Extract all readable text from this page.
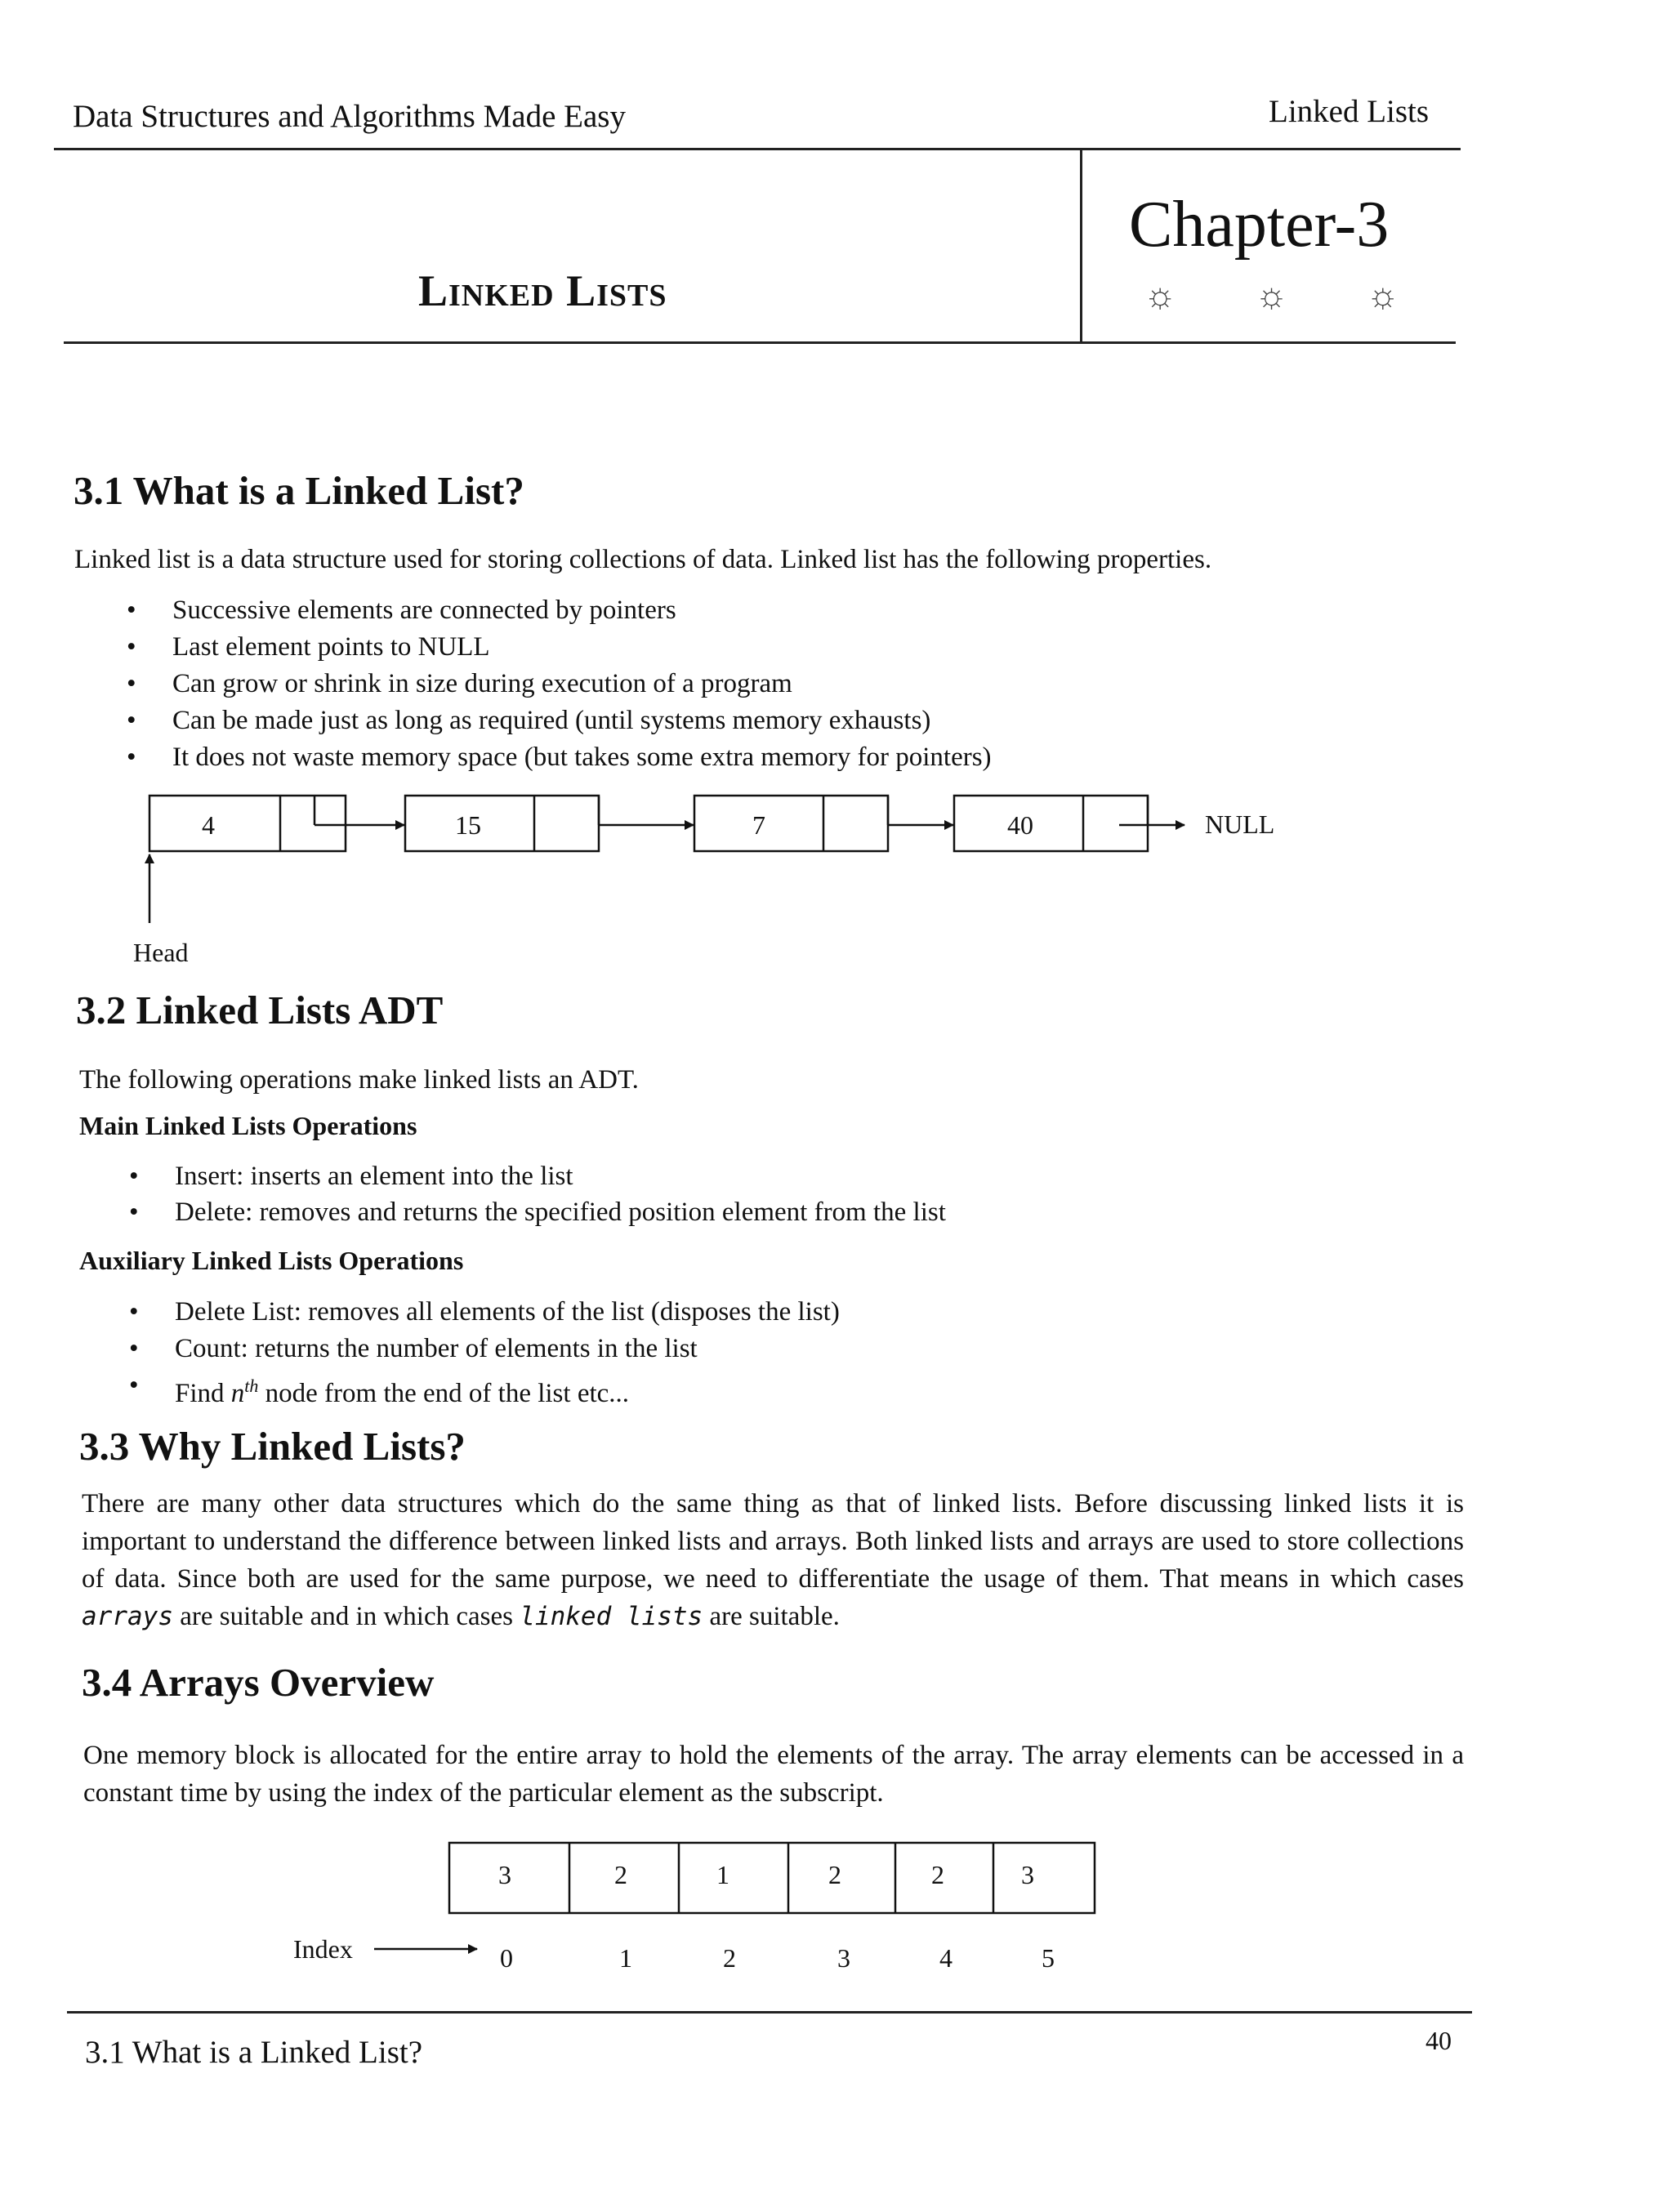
Data Structures and Algorithms Made Easy	Linked Lists
Linked Lists
Chapter-3
☼ ☼ ☼
3.1 What is a Linked List?
Linked list is a data structure used for storing collections of data. Linked list has the following properties.
• Successive elements are connected by pointers
• Last element points to NULL
• Can grow or shrink in size during execution of a program
• Can be made just as long as required (until systems memory exhausts)
• It does not waste memory space (but takes some extra memory for pointers)
4	15	7	40	NULL
Head
3.2 Linked Lists ADT
The following operations make linked lists an ADT.
Main Linked Lists Operations
• Insert: inserts an element into the list
• Delete: removes and returns the specified position element from the list
Auxiliary Linked Lists Operations
• Delete List: removes all elements of the list (disposes the list)
• Count: returns the number of elements in the list
• Find $n^{th}$ node from the end of the list etc...
3.3 Why Linked Lists?
There are many other data structures which do the same thing as that of linked lists. Before discussing linked lists it is important to understand the difference between linked lists and arrays. Both linked lists and arrays are used to store collections of data. Since both are used for the same purpose, we need to differentiate the usage of them. That means in which cases arrays are suitable and in which cases linked lists are suitable.
3.4 Arrays Overview
One memory block is allocated for the entire array to hold the elements of the array. The array elements can be accessed in a constant time by using the index of the particular element as the subscript.
3	2	1	2	2	3
0	1	2	3	4	5
Index
3.1 What is a Linked List?	40
